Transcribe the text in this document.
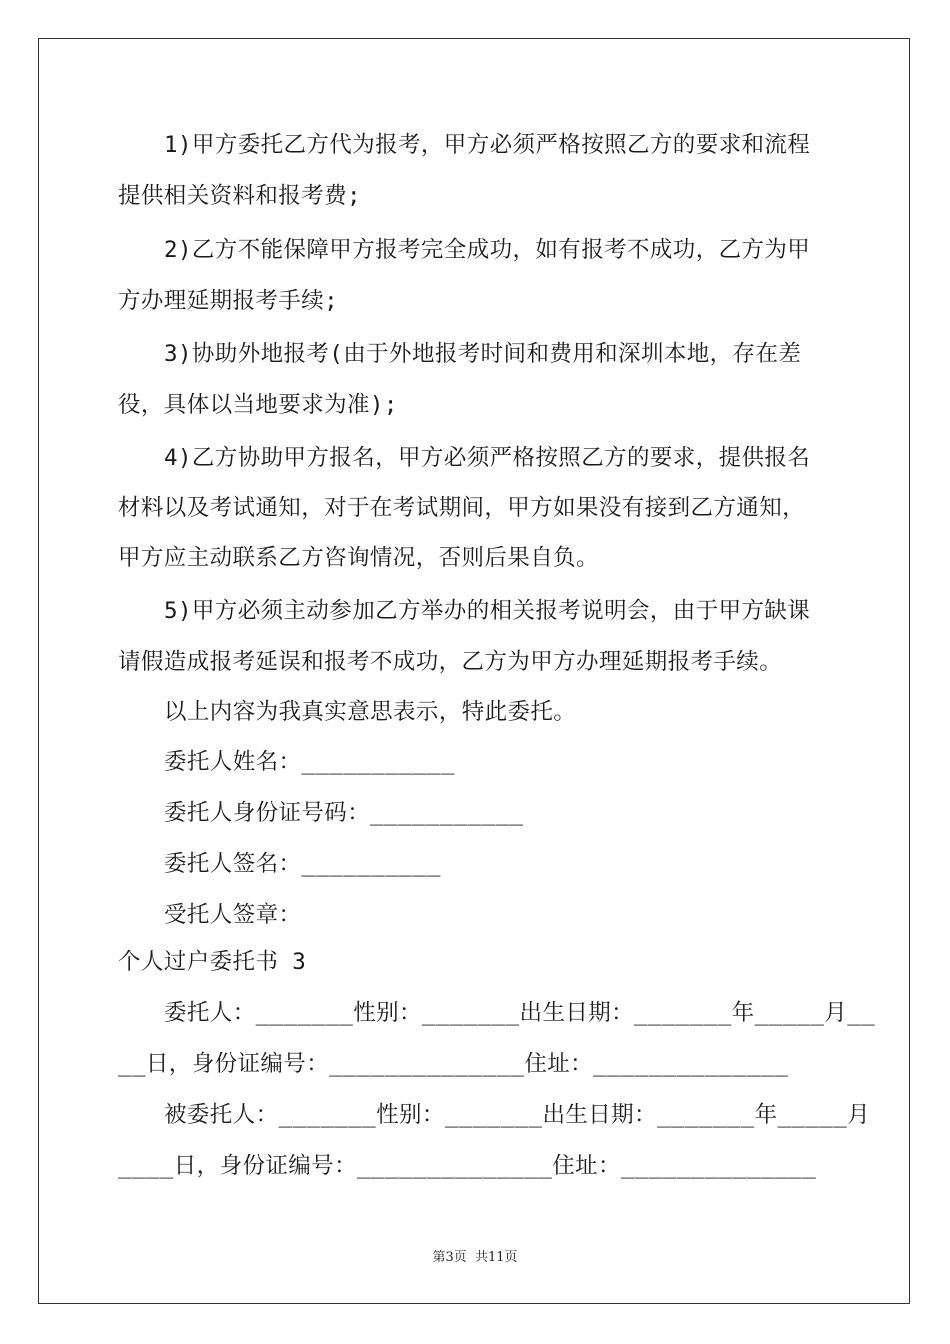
1)甲方委托乙方代为报考，甲方必须严格按照乙方的要求和流程
提供相关资料和报考费;
2)乙方不能保障甲方报考完全成功，如有报考不成功，乙方为甲
方办理延期报考手续;
3)协助外地报考(由于外地报考时间和费用和深圳本地，存在差
役，具体以当地要求为准);
4)乙方协助甲方报名，甲方必须严格按照乙方的要求，提供报名
材料以及考试通知，对于在考试期间，甲方如果没有接到乙方通知，
甲方应主动联系乙方咨询情况，否则后果自负。
5)甲方必须主动参加乙方举办的相关报考说明会，由于甲方缺课
请假造成报考延误和报考不成功，乙方为甲方办理延期报考手续。
以上内容为我真实意思表示，特此委托。
委托人姓名：___________
委托人身份证号码：___________
委托人签名：__________
受托人签章：
个人过户委托书 3
委托人：_______性别：_______出生日期：_______年_____月__
__日，身份证编号：______________住址：______________
被委托人：_______性别：_______出生日期：_______年_____月
____日，身份证编号：______________住址：______________
第3页 共11页
